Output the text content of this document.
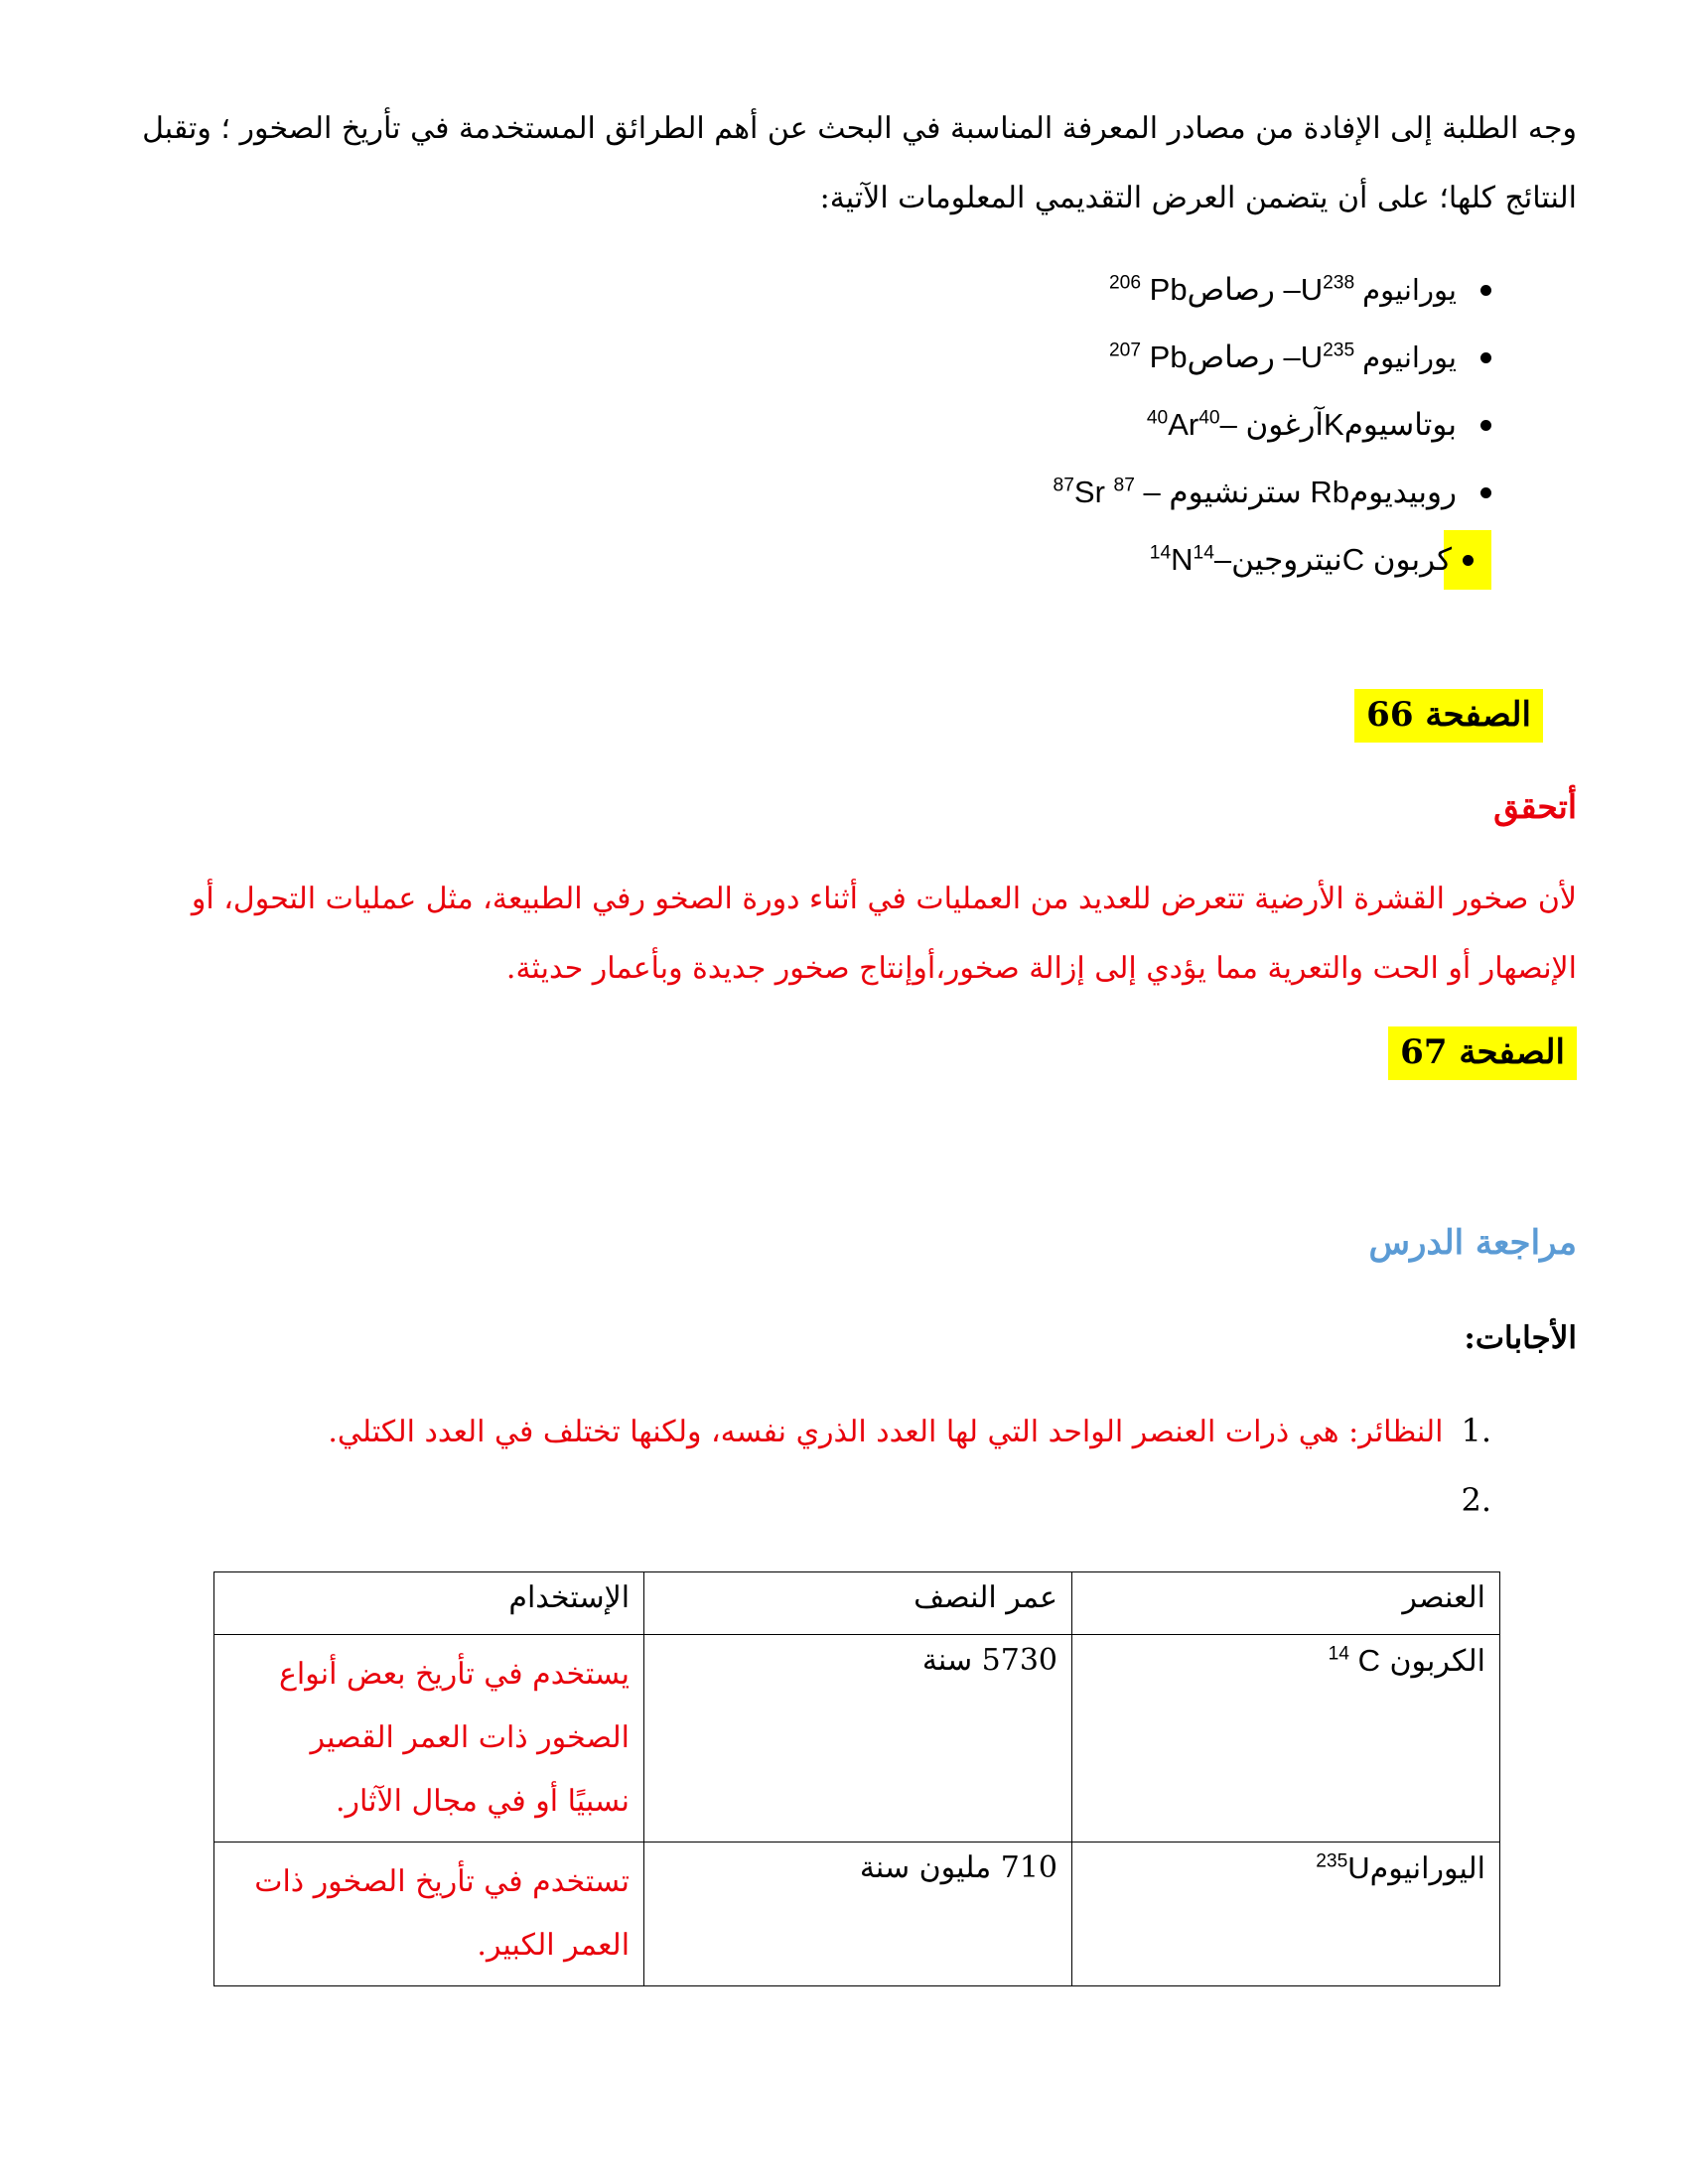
وجه الطلبة إلى الإفادة من مصادر المعرفة المناسبة في البحث عن أهم الطرائق المستخدمة في تأريخ الصخور ؛ وتقبل
النتائج كلها؛ على أن يتضمن العرض التقديمي المعلومات الآتية:
يورانيوم
$^{206}$ Pbرصاص $-U^{238}$
يورانيوم
$^{207}$ Pbرصاص $-U^{235}$
$^{40}$Ar آرغون –$^{40}$	Kبوتاسيوم
$^{87}$Sr سترنشيوم – $^{87}$	Rbروبيديوم
$^{14}$N نيتروجين–$^{14}$	C كربون
الصفحة 66
أتحقق
لأن صخور القشرة الأرضية تتعرض للعديد من العمليات في أثناء دورة الصخو رفي الطبيعة، مثل عمليات التحول، أو
الإنصهار أو الحت والتعرية مما يؤدي إلى إزالة صخور،أوإنتاج صخور جديدة وبأعمار حديثة.
الصفحة 67
مراجعة الدرس
الأجابات:
.1
النظائر: هي ذرات العنصر الواحد التي لها العدد الذري نفسه، ولكنها تختلف في العدد الكتلي.
.2
العنصر	عمر النصف	الإستخدام
الكربون $^{14}$ C	5730 سنة	يستخدم في تأريخ بعض أنواع
الصخور ذات العمر القصير
نسبيًا أو في مجال الآثار.

اليورانيوم$^{235}$U	710 مليون سنة	تستخدم في تأريخ الصخور ذات
العمر الكبير.
